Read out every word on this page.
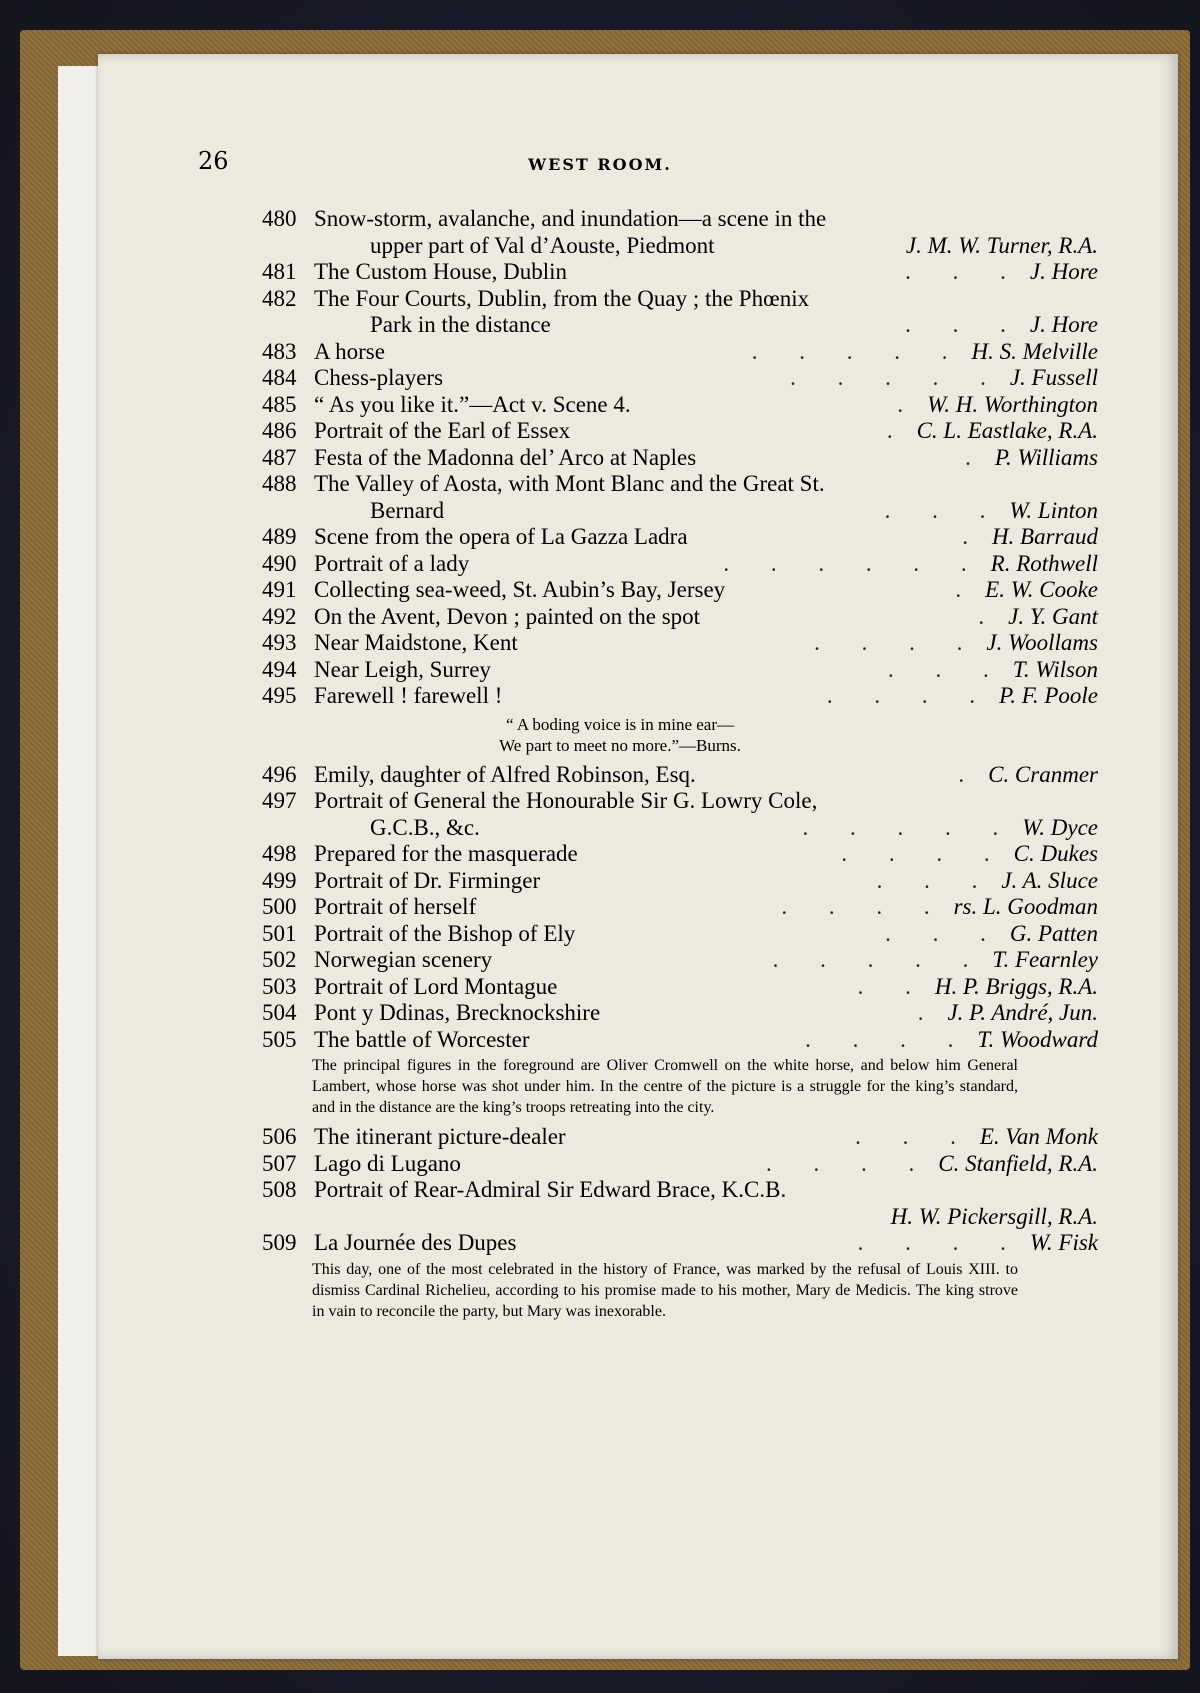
26	WEST ROOM.
480 Snow-storm, avalanche, and inundation—a scene in the
upper part of Val d’Aouste, Piedmont	J. M. W. Turner, R.A.
481 The Custom House, Dublin	. . . J. Hore
482 The Four Courts, Dublin, from the Quay ; the Phœnix
Park in the distance	. . . J. Hore
483 A horse	. . . . . H. S. Melville
484 Chess-players	. . . . . J. Fussell
485 “ As you like it.”—Act v. Scene 4.	. W. H. Worthington
486 Portrait of the Earl of Essex	. C. L. Eastlake, R.A.
487 Festa of the Madonna del’ Arco at Naples	. P. Williams
488 The Valley of Aosta, with Mont Blanc and the Great St.
Bernard	. . . W. Linton
489 Scene from the opera of La Gazza Ladra	. H. Barraud
490 Portrait of a lady	. . . . . . R. Rothwell
491 Collecting sea-weed, St. Aubin’s Bay, Jersey	. E. W. Cooke
492 On the Avent, Devon ; painted on the spot	. J. Y. Gant
493 Near Maidstone, Kent	. . . . J. Woollams
494 Near Leigh, Surrey	. . . T. Wilson
495 Farewell ! farewell !	. . . . P. F. Poole
“ A boding voice is in mine ear—
We part to meet no more.”—Burns.
496 Emily, daughter of Alfred Robinson, Esq.	. C. Cranmer
497 Portrait of General the Honourable Sir G. Lowry Cole,
G.C.B., &c.	. . . . . W. Dyce
498 Prepared for the masquerade	. . . . C. Dukes
499 Portrait of Dr. Firminger	. . . J. A. Sluce
500 Portrait of herself	. . . . rs. L. Goodman
501 Portrait of the Bishop of Ely	. . . G. Patten
502 Norwegian scenery	. . . . . T. Fearnley
503 Portrait of Lord Montague	. . H. P. Briggs, R.A.
504 Pont y Ddinas, Brecknockshire	. J. P. André, Jun.
505 The battle of Worcester	. . . . T. Woodward
The principal figures in the foreground are Oliver Cromwell on the white horse, and below him General Lambert, whose horse was shot under him. In the centre of the picture is a struggle for the king’s standard, and in the distance are the king’s troops retreating into the city.
506 The itinerant picture-dealer	. . . E. Van Monk
507 Lago di Lugano	. . . . C. Stanfield, R.A.
508 Portrait of Rear-Admiral Sir Edward Brace, K.C.B.
H. W. Pickersgill, R.A.
509 La Journée des Dupes	. . . . W. Fisk
This day, one of the most celebrated in the history of France, was marked by the refusal of Louis XIII. to dismiss Cardinal Richelieu, according to his promise made to his mother, Mary de Medicis. The king strove in vain to reconcile the party, but Mary was inexorable.
